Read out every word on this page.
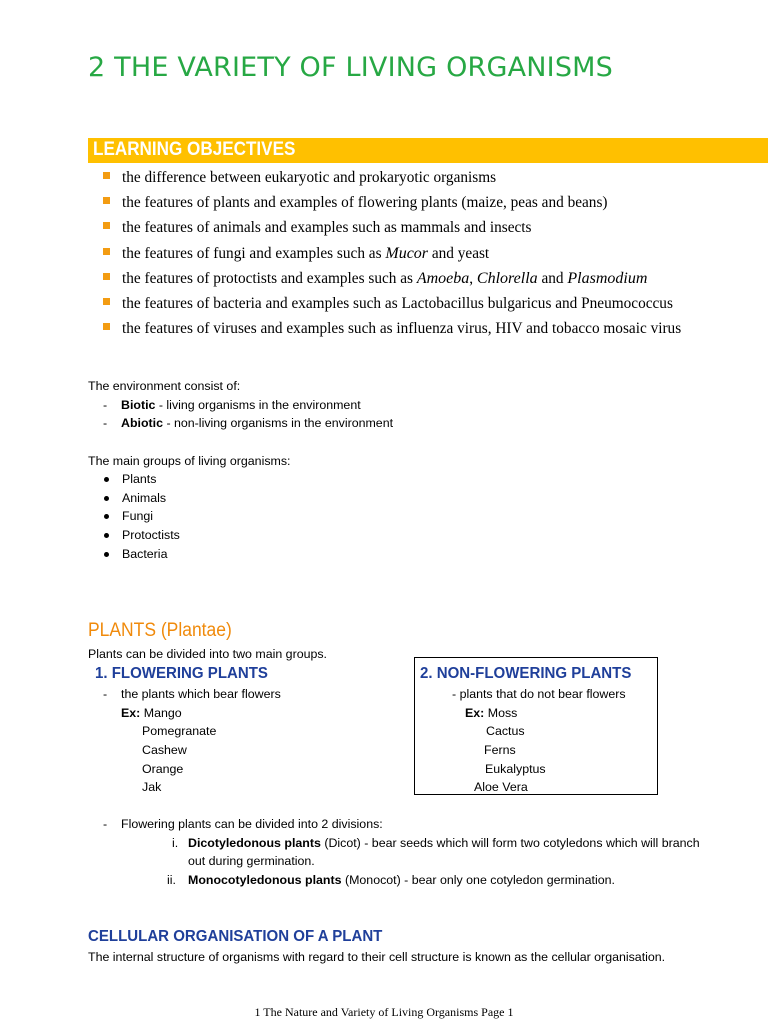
2 THE VARIETY OF LIVING ORGANISMS
LEARNING OBJECTIVES
the difference between eukaryotic and prokaryotic organisms
the features of plants and examples of flowering plants (maize, peas and beans)
the features of animals and examples such as mammals and insects
the features of fungi and examples such as Mucor and yeast
the features of protoctists and examples such as Amoeba, Chlorella and Plasmodium
the features of bacteria and examples such as Lactobacillus bulgaricus and Pneumococcus
the features of viruses and examples such as influenza virus, HIV and tobacco mosaic virus
The environment consist of:
- Biotic - living organisms in the environment
- Abiotic - non-living organisms in the environment
The main groups of living organisms:
Plants
Animals
Fungi
Protoctists
Bacteria
PLANTS (Plantae)
Plants can be divided into two main groups.
1. FLOWERING PLANTS
- the plants which bear flowers
Ex: Mango
Pomegranate
Cashew
Orange
Jak
2. NON-FLOWERING PLANTS
- plants that do not bear flowers
Ex: Moss
Cactus
Ferns
Eukalyptus
Aloe Vera
- Flowering plants can be divided into 2 divisions:
i. Dicotyledonous plants (Dicot) - bear seeds which will form two cotyledons which will branch
out during germination.
ii. Monocotyledonous plants (Monocot) - bear only one cotyledon germination.
CELLULAR ORGANISATION OF A PLANT
The internal structure of organisms with regard to their cell structure is known as the cellular organisation.
1 The Nature and Variety of Living Organisms Page 1
